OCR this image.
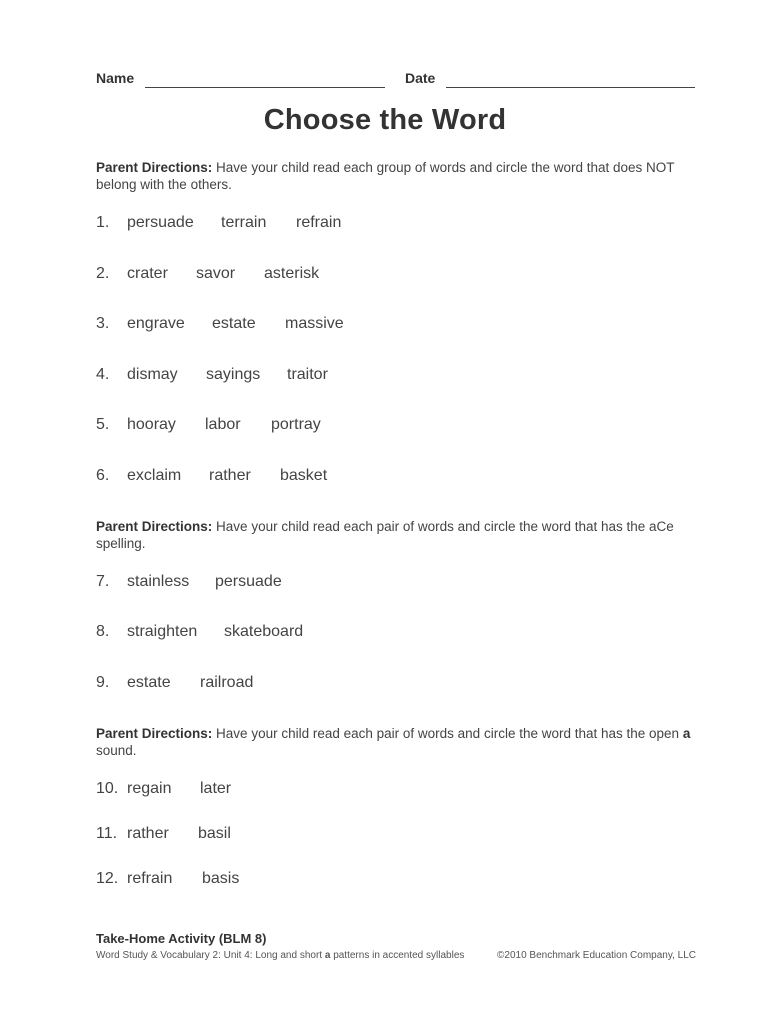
Name	Date
Choose the Word
Parent Directions: Have your child read each group of words and circle the word that does NOT belong with the others.
1. persuade terrain refrain
2. crater savor asterisk
3. engrave estate massive
4. dismay sayings traitor
5. hooray labor portray
6. exclaim rather basket
Parent Directions: Have your child read each pair of words and circle the word that has the aCe spelling.
7. stainless persuade
8. straighten skateboard
9. estate railroad
Parent Directions: Have your child read each pair of words and circle the word that has the open a sound.
10. regain later
11. rather basil
12. refrain basis
Take-Home Activity (BLM 8)
Word Study & Vocabulary 2: Unit 4: Long and short a patterns in accented syllables	©2010 Benchmark Education Company, LLC
